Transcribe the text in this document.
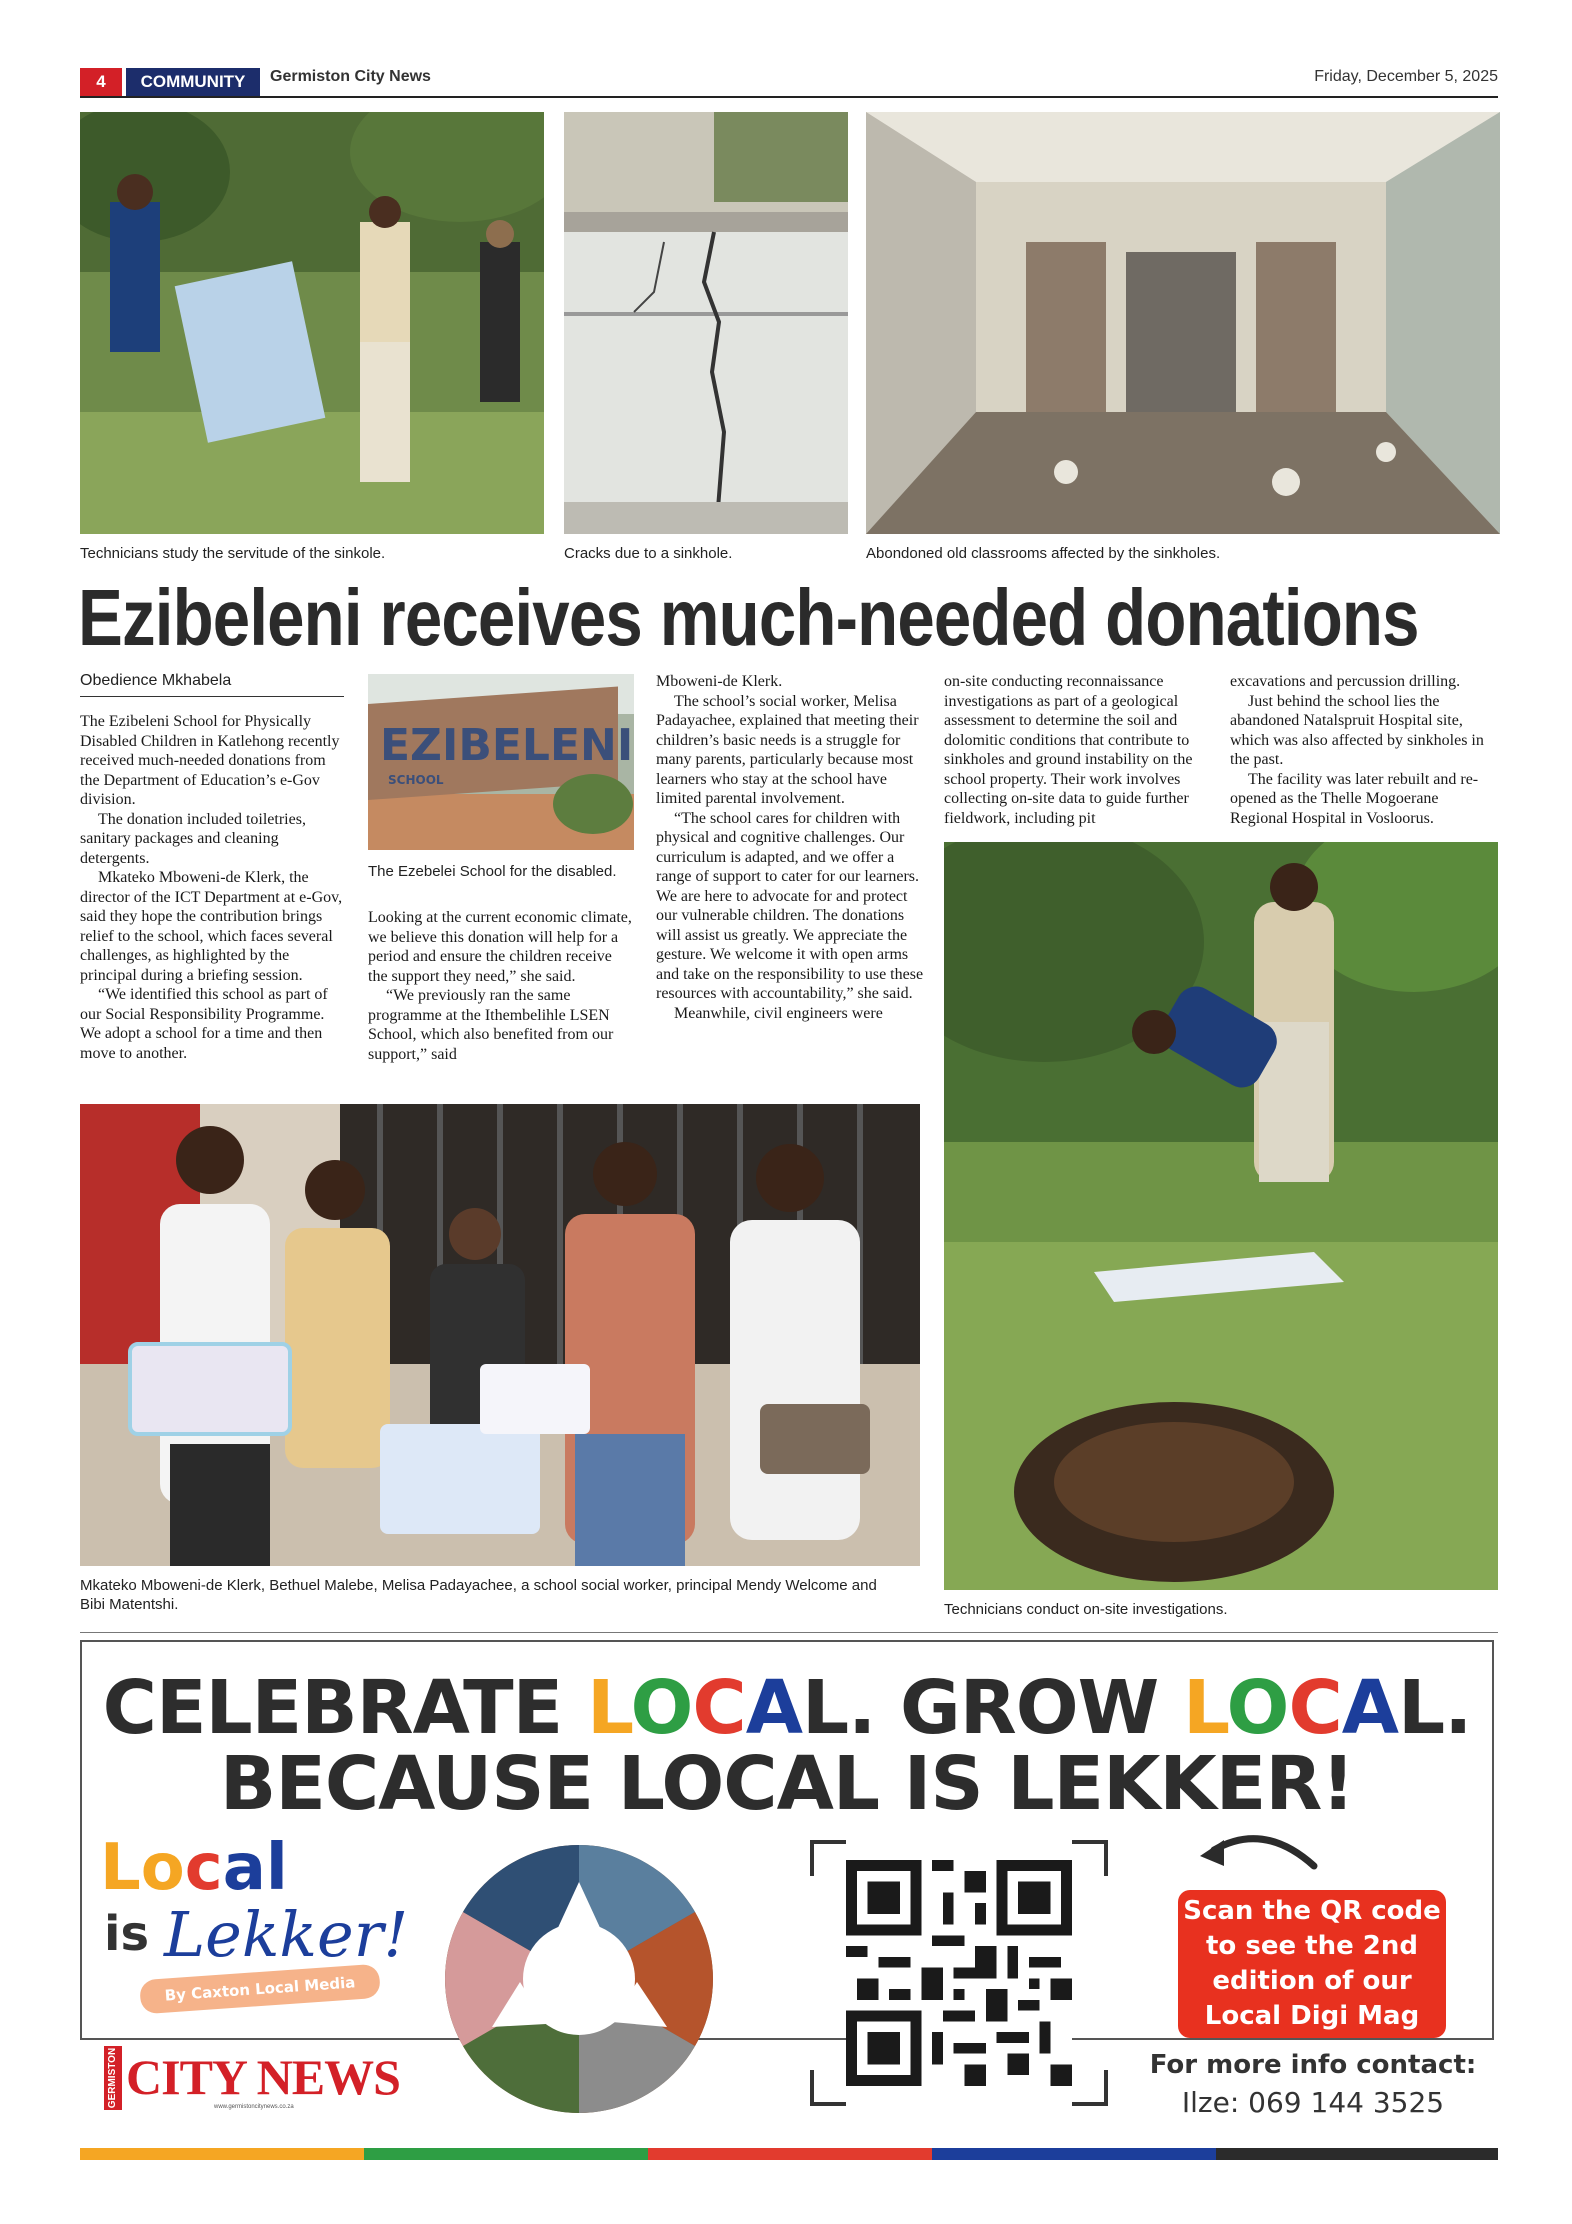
4	COMMUNITY	Germiston City News	Friday, December 5, 2025
Technicians study the servitude of the sinkole.	Cracks due to a sinkhole.	Abondoned old classrooms affected by the sinkholes.
Ezibeleni receives much-needed donations
Obedience Mkhabela

The Ezibeleni School for Physically Disabled Children in Katlehong recently received much-needed donations from the Department of Education’s e-Gov division.

The donation included toiletries, sanitary packages and cleaning detergents.

Mkateko Mboweni-de Klerk, the director of the ICT Department at e-Gov, said they hope the contribution brings relief to the school, which faces several challenges, as highlighted by the principal during a briefing session.

“We identified this school as part of our Social Responsibility Programme. We adopt a school for a time and then move to another.

EZIBELENI
SCHOOL
The Ezebelei School for the disabled.

Looking at the current economic climate, we believe this donation will help for a period and ensure the children receive the support they need,” she said.

“We previously ran the same programme at the Ithembelihle LSEN School, which also benefited from our support,” said

Mboweni-de Klerk.

The school’s social worker, Melisa Padayachee, explained that meeting their children’s basic needs is a struggle for many parents, particularly because most learners who stay at the school have limited parental involvement.

“The school cares for children with physical and cognitive challenges. Our curriculum is adapted, and we offer a range of support to cater for our learners. We are here to advocate for and protect our vulnerable children. The donations will assist us greatly. We appreciate the gesture. We welcome it with open arms and take on the responsibility to use these resources with accountability,” she said.

Meanwhile, civil engineers were

on-site conducting reconnaissance investigations as part of a geological assessment to determine the soil and dolomitic conditions that contribute to sinkholes and ground instability on the school property. Their work involves collecting on-site data to guide further fieldwork, including pit

excavations and percussion drilling.

Just behind the school lies the abandoned Natalspruit Hospital site, which was also affected by sinkholes in the past.

The facility was later rebuilt and re-opened as the Thelle Mogoerane Regional Hospital in Vosloorus.

Mkateko Mboweni-de Klerk, Bethuel Malebe, Melisa Padayachee, a school social worker, principal Mendy Welcome and Bibi Matentshi.	Technicians conduct on-site investigations.
CELEBRATE LOCAL. GROW LOCAL.
BECAUSE LOCAL IS LEKKER!
Local
is Lekker!
By Caxton Local Media
GERMISTON CITY NEWS
www.germistoncitynews.co.za
Scan the QR code
to see the 2nd
edition of our
Local Digi Mag
For more info contact:
Ilze: 069 144 3525
